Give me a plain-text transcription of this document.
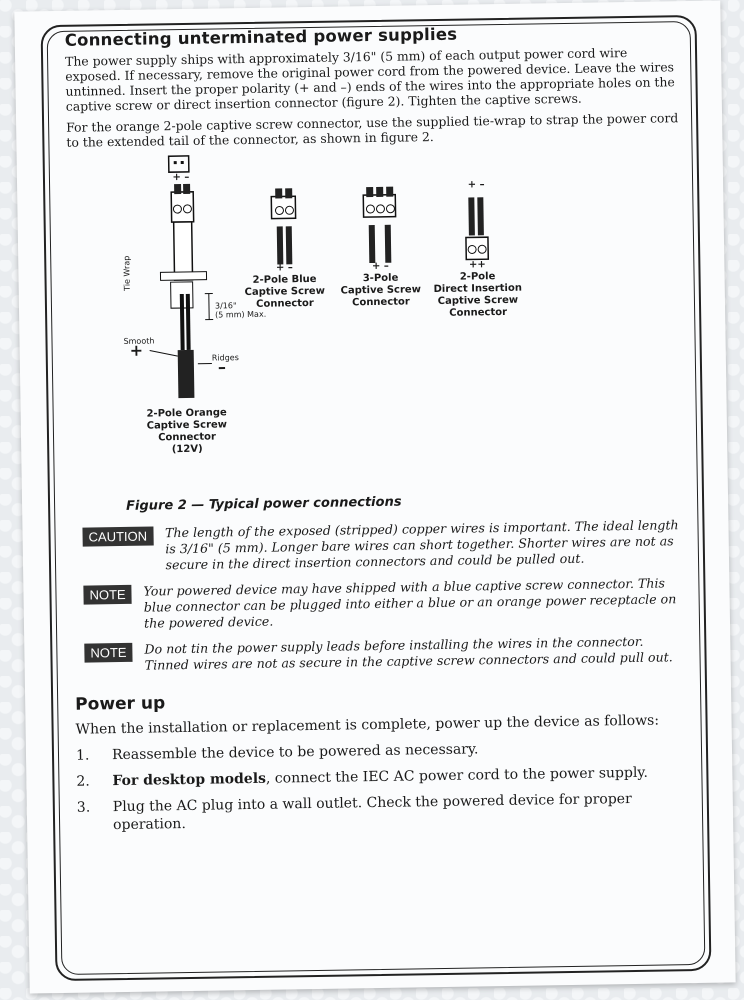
Connecting unterminated power supplies

The power supply ships with approximately 3/16" (5 mm) of each output power cord wire exposed. If necessary, remove the original power cord from the powered device. Leave the wires untinned. Insert the proper polarity (+ and –) ends of the wires into the appropriate holes on the captive screw or direct insertion connector (figure 2). Tighten the captive screws.

For the orange 2-pole captive screw connector, use the supplied tie-wrap to strap the power cord to the extended tail of the connector, as shown in figure 2.

+ –
Tie Wrap
3/16"
(5 mm) Max.
Smooth
+	Ridges
–
2-Pole Orange
Captive Screw
Connector
(12V)
+ –
2-Pole Blue
Captive Screw
Connector
+ –
3-Pole
Captive Screw
Connector
+ –
++
2-Pole
Direct Insertion
Captive Screw
Connector
Figure 2 — Typical power connections
CAUTION	The length of the exposed (stripped) copper wires is important. The ideal length is 3/16" (5 mm). Longer bare wires can short together. Shorter wires are not as secure in the direct insertion connectors and could be pulled out.
NOTE	Your powered device may have shipped with a blue captive screw connector. This blue connector can be plugged into either a blue or an orange power receptacle on the powered device.
NOTE	Do not tin the power supply leads before installing the wires in the connector. Tinned wires are not as secure in the captive screw connectors and could pull out.
Power up

When the installation or replacement is complete, power up the device as follows:

1.	Reassemble the device to be powered as necessary.
2.	For desktop models, connect the IEC AC power cord to the power supply.
3.	Plug the AC plug into a wall outlet. Check the powered device for proper operation.
